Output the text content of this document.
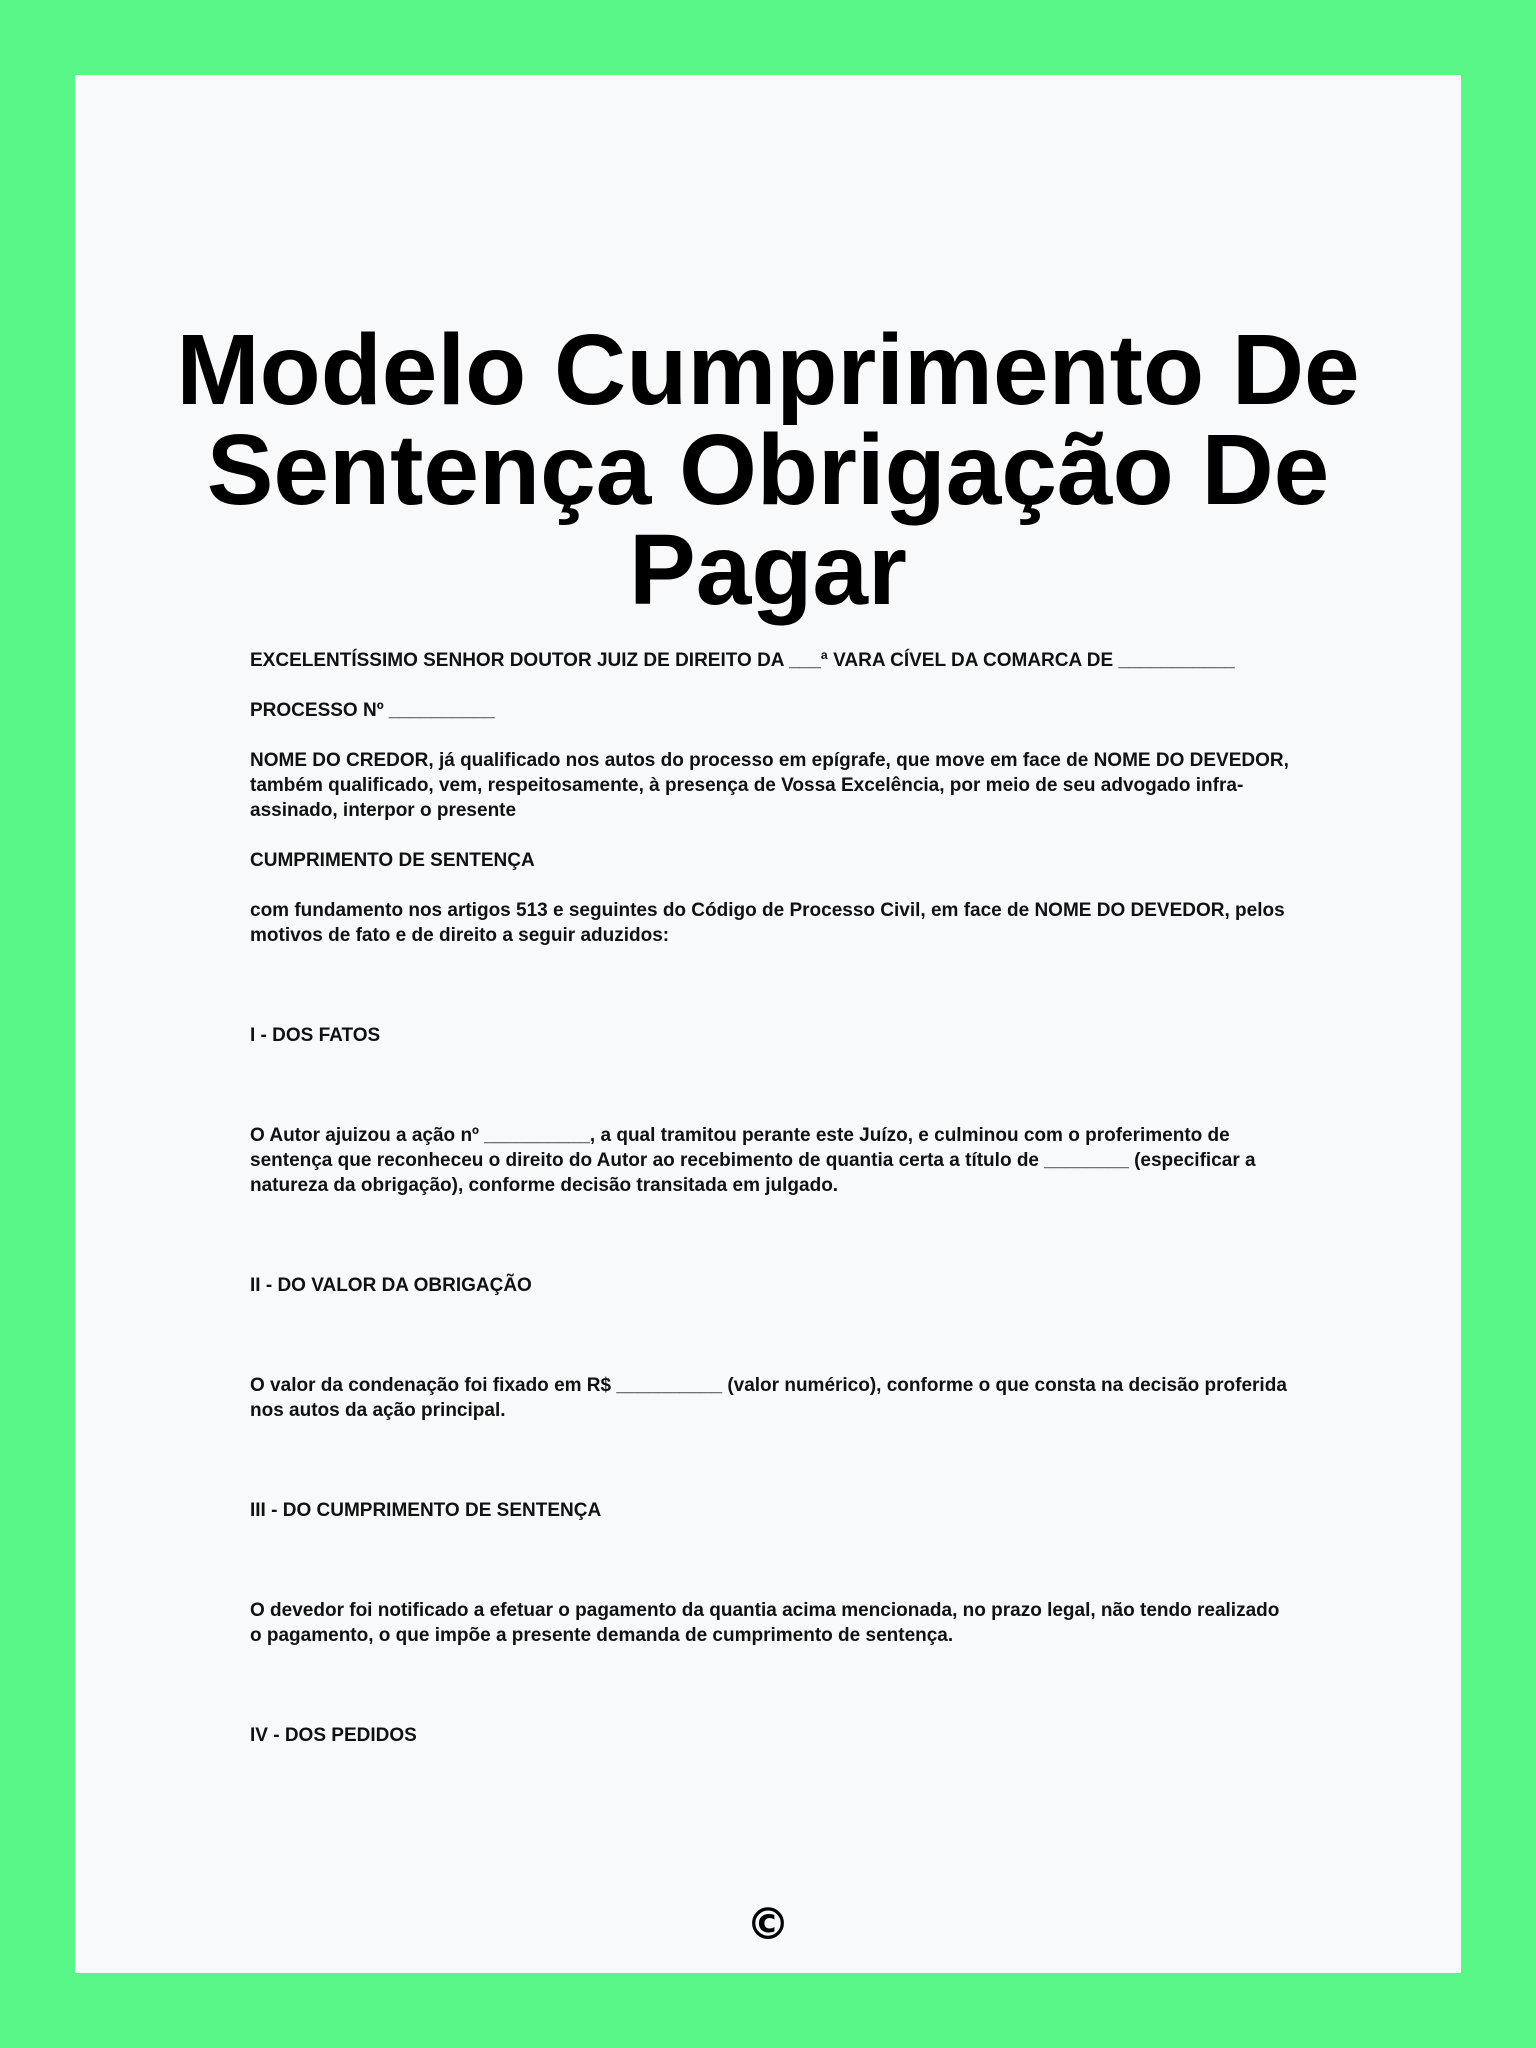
Modelo Cumprimento De
Sentença Obrigação De
Pagar

EXCELENTÍSSIMO SENHOR DOUTOR JUIZ DE DIREITO DA ___ª VARA CÍVEL DA COMARCA DE ___________

PROCESSO Nº __________

NOME DO CREDOR, já qualificado nos autos do processo em epígrafe, que move em face de NOME DO DEVEDOR, também qualificado, vem, respeitosamente, à presença de Vossa Excelência, por meio de seu advogado infra-assinado, interpor o presente

CUMPRIMENTO DE SENTENÇA

com fundamento nos artigos 513 e seguintes do Código de Processo Civil, em face de NOME DO DEVEDOR, pelos motivos de fato e de direito a seguir aduzidos:

I - DOS FATOS

O Autor ajuizou a ação nº __________, a qual tramitou perante este Juízo, e culminou com o proferimento de sentença que reconheceu o direito do Autor ao recebimento de quantia certa a título de ________ (especificar a natureza da obrigação), conforme decisão transitada em julgado.

II - DO VALOR DA OBRIGAÇÃO

O valor da condenação foi fixado em R$ __________ (valor numérico), conforme o que consta na decisão proferida nos autos da ação principal.

III - DO CUMPRIMENTO DE SENTENÇA

O devedor foi notificado a efetuar o pagamento da quantia acima mencionada, no prazo legal, não tendo realizado o pagamento, o que impõe a presente demanda de cumprimento de sentença.

IV - DOS PEDIDOS

©
